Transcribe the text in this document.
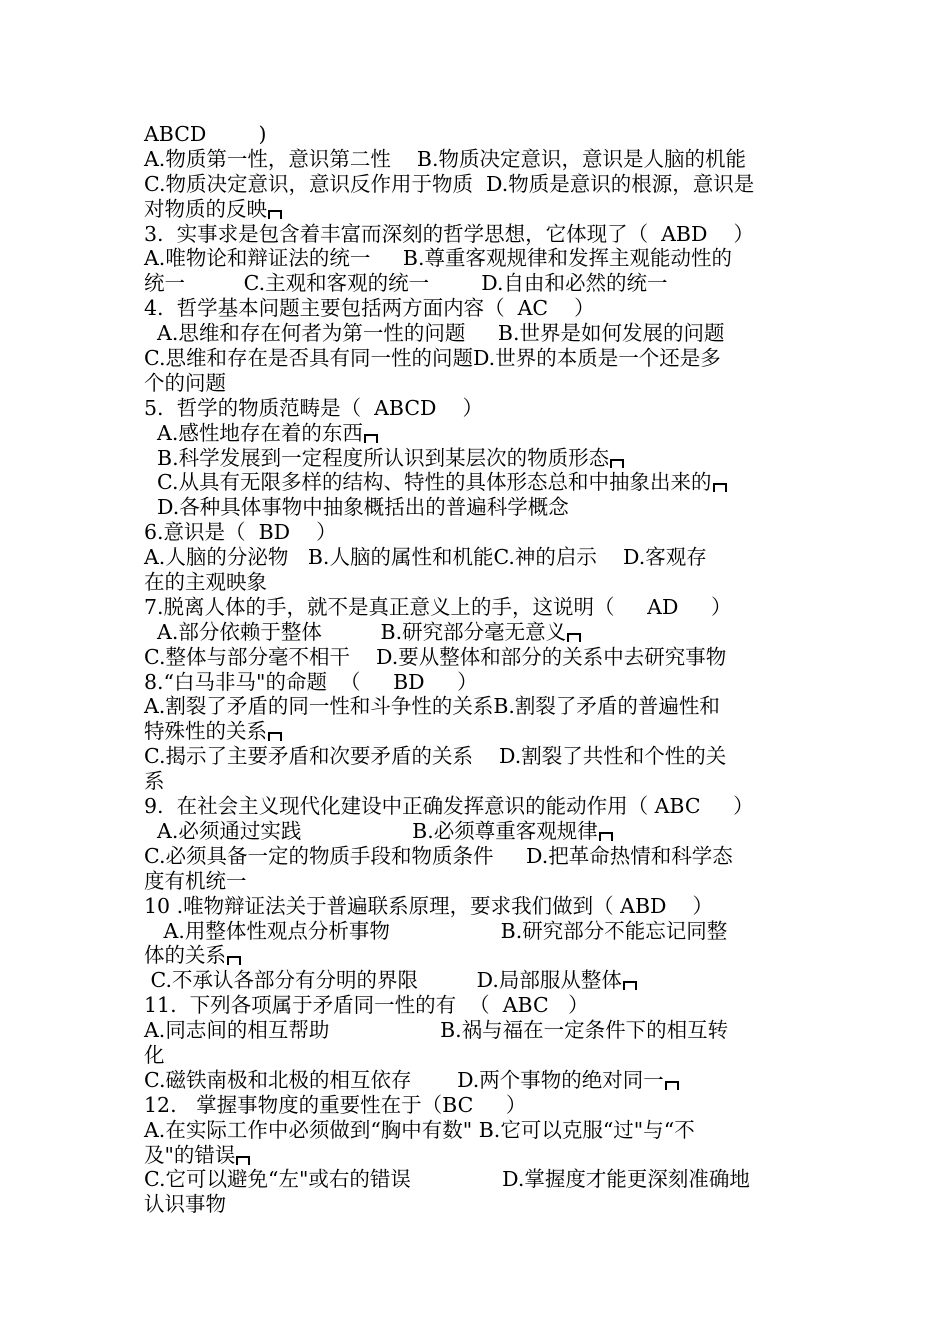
ABCD        )
A.物质第一性，意识第二性    B.物质决定意识，意识是人脑的机能
C.物质决定意识，意识反作用于物质  D.物质是意识的根源，意识是
对物质的反映
3.  实事求是包含着丰富而深刻的哲学思想，它体现了（  ABD    ）
A.唯物论和辩证法的统一     B.尊重客观规律和发挥主观能动性的
统一         C.主观和客观的统一        D.自由和必然的统一
4.  哲学基本问题主要包括两方面内容（  AC    ）
A.思维和存在何者为第一性的问题     B.世界是如何发展的问题
C.思维和存在是否具有同一性的问题D.世界的本质是一个还是多
个的问题
5.  哲学的物质范畴是（  ABCD    ）
A.感性地存在着的东西
B.科学发展到一定程度所认识到某层次的物质形态
C.从具有无限多样的结构、特性的具体形态总和中抽象出来的
D.各种具体事物中抽象概括出的普遍科学概念
6.意识是（  BD    ）
A.人脑的分泌物   B.人脑的属性和机能C.神的启示    D.客观存
在的主观映象
7.脱离人体的手，就不是真正意义上的手，这说明（     AD     ）
A.部分依赖于整体         B.研究部分毫无意义
C.整体与部分毫不相干    D.要从整体和部分的关系中去研究事物
8.“白马非马"的命题  （     BD     ）
A.割裂了矛盾的同一性和斗争性的关系B.割裂了矛盾的普遍性和
特殊性的关系
C.揭示了主要矛盾和次要矛盾的关系    D.割裂了共性和个性的关
系
9.  在社会主义现代化建设中正确发挥意识的能动作用（ ABC     ）
A.必须通过实践                 B.必须尊重客观规律
C.必须具备一定的物质手段和物质条件     D.把革命热情和科学态
度有机统一
10 .唯物辩证法关于普遍联系原理，要求我们做到（ ABD    ）
A.用整体性观点分析事物                 B.研究部分不能忘记同整
体的关系
C.不承认各部分有分明的界限         D.局部服从整体
11.  下列各项属于矛盾同一性的有  （  ABC   ）
A.同志间的相互帮助                 B.祸与福在一定条件下的相互转
化
C.磁铁南极和北极的相互依存       D.两个事物的绝对同一
12.   掌握事物度的重要性在于（BC     ）
A.在实际工作中必须做到“胸中有数" B.它可以克服“过"与“不
及"的错误
C.它可以避免“左"或右的错误              D.掌握度才能更深刻准确地
认识事物
